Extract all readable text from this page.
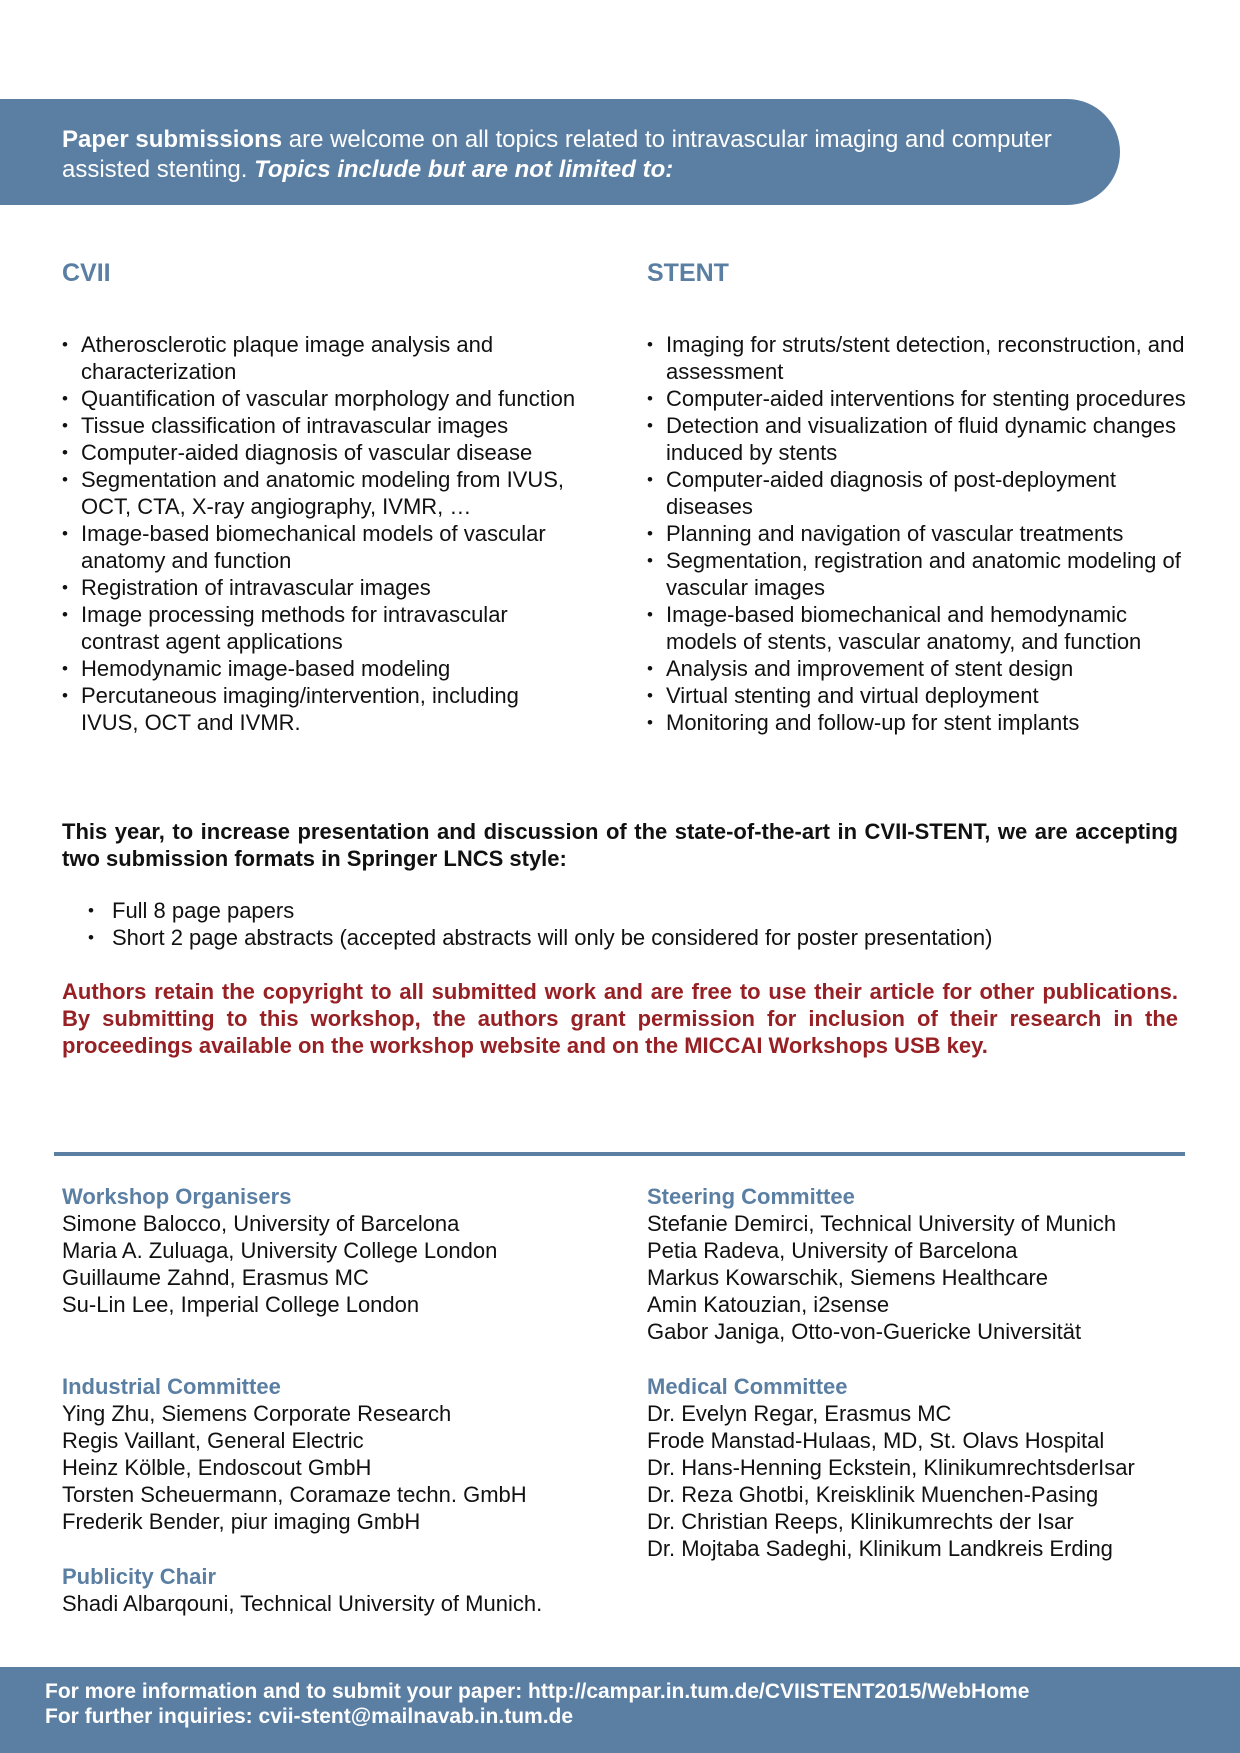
Paper submissions are welcome on all topics related to intravascular imaging and computer assisted stenting. Topics include but are not limited to:
CVII
• Atherosclerotic plaque image analysis and characterization
• Quantification of vascular morphology and function
• Tissue classification of intravascular images
• Computer-aided diagnosis of vascular disease
• Segmentation and anatomic modeling from IVUS, OCT, CTA, X-ray angiography, IVMR, …
• Image-based biomechanical models of vascular anatomy and function
• Registration of intravascular images
• Image processing methods for intravascular contrast agent applications
• Hemodynamic image-based modeling
• Percutaneous imaging/intervention, including IVUS, OCT and IVMR.
STENT
• Imaging for struts/stent detection, reconstruction, and assessment
• Computer-aided interventions for stenting procedures
• Detection and visualization of fluid dynamic changes induced by stents
• Computer-aided diagnosis of post-deployment diseases
• Planning and navigation of vascular treatments
• Segmentation, registration and anatomic modeling of vascular images
• Image-based biomechanical and hemodynamic models of stents, vascular anatomy, and function
• Analysis and improvement of stent design
• Virtual stenting and virtual deployment
• Monitoring and follow-up for stent implants

This year, to increase presentation and discussion of the state-of-the-art in CVII-STENT, we are accepting two submission formats in Springer LNCS style:

• Full 8 page papers
• Short 2 page abstracts (accepted abstracts will only be considered for poster presentation)

Authors retain the copyright to all submitted work and are free to use their article for other publications. By submitting to this workshop, the authors grant permission for inclusion of their research in the proceedings available on the workshop website and on the MICCAI Workshops USB key.

Workshop Organisers
Simone Balocco, University of Barcelona
Maria A. Zuluaga, University College London
Guillaume Zahnd, Erasmus MC
Su-Lin Lee, Imperial College London
Steering Committee
Stefanie Demirci, Technical University of Munich
Petia Radeva, University of Barcelona
Markus Kowarschik, Siemens Healthcare
Amin Katouzian, i2sense
Gabor Janiga, Otto-von-Guericke Universität
Industrial Committee
Ying Zhu, Siemens Corporate Research
Regis Vaillant, General Electric
Heinz Kölble, Endoscout GmbH
Torsten Scheuermann, Coramaze techn. GmbH
Frederik Bender, piur imaging GmbH
Medical Committee
Dr. Evelyn Regar, Erasmus MC
Frode Manstad-Hulaas, MD, St. Olavs Hospital
Dr. Hans-Henning Eckstein, KlinikumrechtsderIsar
Dr. Reza Ghotbi, Kreisklinik Muenchen-Pasing
Dr. Christian Reeps, Klinikumrechts der Isar
Dr. Mojtaba Sadeghi, Klinikum Landkreis Erding
Publicity Chair
Shadi Albarqouni, Technical University of Munich.
For more information and to submit your paper: http://campar.in.tum.de/CVIISTENT2015/WebHome
For further inquiries: cvii-stent@mailnavab.in.tum.de
